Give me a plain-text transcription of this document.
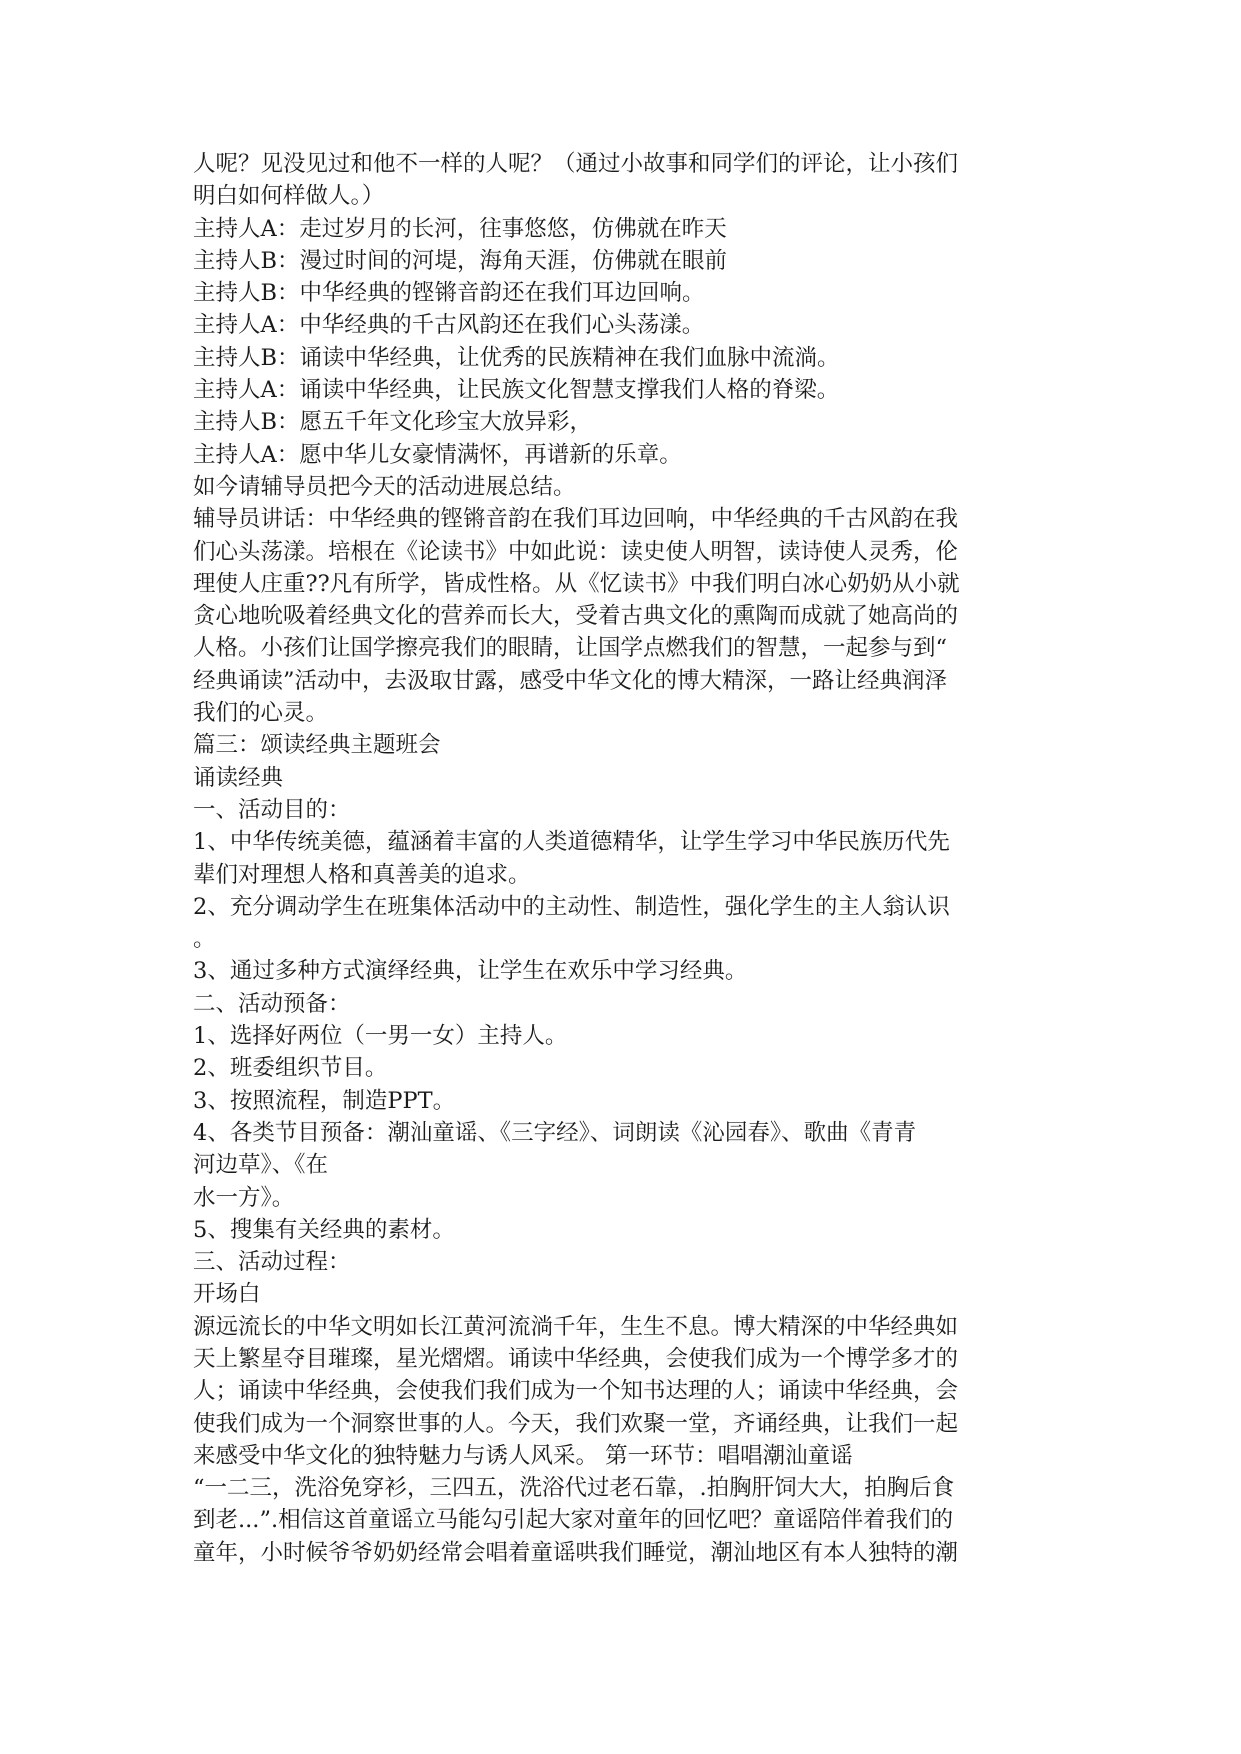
人呢？见没见过和他不一样的人呢？（通过小故事和同学们的评论，让小孩们
明白如何样做人。）
主持人A：走过岁月的长河，往事悠悠，仿佛就在昨天
主持人B：漫过时间的河堤，海角天涯，仿佛就在眼前
主持人B：中华经典的铿锵音韵还在我们耳边回响。
主持人A：中华经典的千古风韵还在我们心头荡漾。
主持人B：诵读中华经典，让优秀的民族精神在我们血脉中流淌。
主持人A：诵读中华经典，让民族文化智慧支撑我们人格的脊梁。
主持人B：愿五千年文化珍宝大放异彩，
主持人A：愿中华儿女豪情满怀，再谱新的乐章。
如今请辅导员把今天的活动进展总结。
辅导员讲话：中华经典的铿锵音韵在我们耳边回响，中华经典的千古风韵在我
们心头荡漾。培根在《论读书》中如此说：读史使人明智，读诗使人灵秀，伦
理使人庄重??凡有所学，皆成性格。从《忆读书》中我们明白冰心奶奶从小就
贪心地吮吸着经典文化的营养而长大，受着古典文化的熏陶而成就了她高尚的
人格。小孩们让国学擦亮我们的眼睛，让国学点燃我们的智慧，一起参与到“
经典诵读”活动中，去汲取甘露，感受中华文化的博大精深，一路让经典润泽
我们的心灵。
篇三：颂读经典主题班会
诵读经典
一、活动目的：
1、中华传统美德，蕴涵着丰富的人类道德精华，让学生学习中华民族历代先
辈们对理想人格和真善美的追求。
2、充分调动学生在班集体活动中的主动性、制造性，强化学生的主人翁认识
。
3、通过多种方式演绎经典，让学生在欢乐中学习经典。
二、活动预备：
1、选择好两位（一男一女）主持人。
2、班委组织节目。
3、按照流程，制造PPT。
4、各类节目预备：潮汕童谣、《三字经》、词朗读《沁园春》、歌曲《青青
河边草》、《在
水一方》。
5、搜集有关经典的素材。
三、活动过程：
开场白
源远流长的中华文明如长江黄河流淌千年，生生不息。博大精深的中华经典如
天上繁星夺目璀璨，星光熠熠。诵读中华经典，会使我们成为一个博学多才的
人；诵读中华经典，会使我们我们成为一个知书达理的人；诵读中华经典，会
使我们成为一个洞察世事的人。今天，我们欢聚一堂，齐诵经典，让我们一起
来感受中华文化的独特魅力与诱人风采。 第一环节：唱唱潮汕童谣
“一二三，洗浴免穿衫，三四五，洗浴代过老石靠，.拍胸肝饲大大，拍胸后食
到老...”.相信这首童谣立马能勾引起大家对童年的回忆吧？童谣陪伴着我们的
童年，小时候爷爷奶奶经常会唱着童谣哄我们睡觉，潮汕地区有本人独特的潮
